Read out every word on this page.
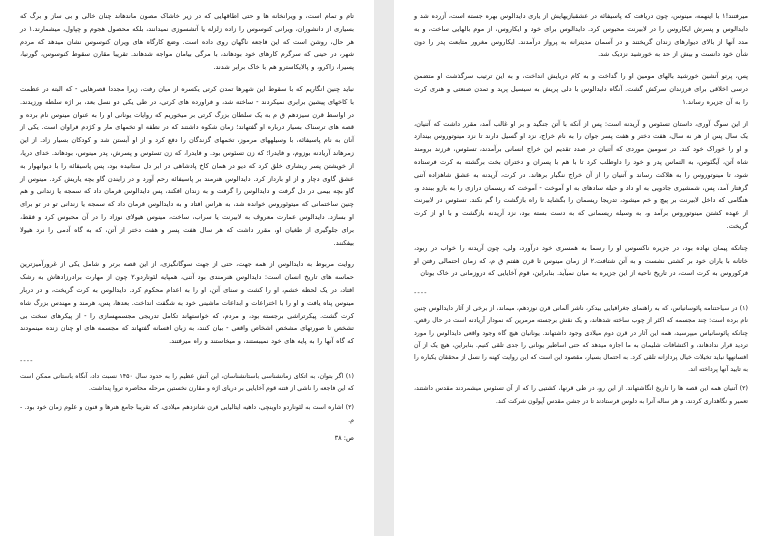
تام و تمام است، و ویرانخانه ها و حتی اطاقهایی که در زیر خاشاک مصون ماندهاند چنان خالی و بی ساز و برگ که بسیاری از دانشوران، ویرانی کنوسوس را زاده زلزله یا آتشسوزی نمیدانند، بلکه محصول هجوم و چپاول، میشمارند.۱ در هر حال، روشن است که این فاجعه ناگهان روی داده است. وضع کارگاه های ویران کنوسوس نشان میدهد که مردم شهر، در حینی که سرگرم کارهای خود بودهاند، با مرگی بیامان مواجه شدهاند. تقریبا مقارن سقوط کنوسوس، گورنیا، پسیرا، زاکرو، و پالایکاسترو هم با خاک برابر شدند.

نباید چنین انگاریم که با سقوط این شهرها تمدن کرتی یکسره از میان رفت، زیرا مجددا قصرهایی - که البته در عظمت با کاخهای پیشین برابری نمیکردند - ساخته شد، و فراورده های کرتی، در طی یکی دو نسل بعد، بر اژه سلطه ورزیدند. در اواسط قرن سیزدهم ق م به یک سلطان بزرگ کرتی بر میخوریم که روایات یونانی او را به عنوان مینوس نام برده و قصه های ترسناک بسیار درباره او گفتهاند؛ زمان شکوه داشتند که در نطفه او تخمهای مار و کژدم فراوان است. یکی از آنان به نام پاسیفائه، با وسیلههای مرموز، تخمهای گزندگان را دفع کرد و از او آبستن شد و کودکان بسیار زاد. از این زمرهاند آریادنه بوزوم، و فایدرا؛ که زن تسئوس بود. و فایدرا، که زن تسئوس و پسرش، پدر مینوس، بودهاند. خدای دریا، از خویشتن پسر ریشاری خلق کرد که دیو در همان کاخ پادشاهی در ابر دل ستانیده بود، پس پاسیفائه را با دیوانهوار به عشق گاوی دچار و از او بارداز کرد. دایدالوس هنرمند بر پاسیفائه رحم آورد و در زایندن گاو بچه یاریش کرد. مینوس از گاو بچه بیمی در دل گرفت و دایدالوس را گرفت و به زندان افکند، پس دایدالوس فرمان داد که سمجه یا زندانی و هم چنین ساختمانی که میتوئوروس خوانده شد، به هراس افتاد و به دایدالوس فرمان داد که سمجه یا زندانی تو در تو برای او بسازد. دایدالوس عمارت معروف به لابیرنت یا سراب، ساخت، مینوس هیولای نوزاد را در آن محبوس کرد و فقط، برای جلوگیری از طغیان او، مقرر داشت که هر سال هفت پسر و هفت دختر از آتن، که به گاه آدمی را نرد هیولا بیفکنند.

روایت مربوط به دایدالوس از همه جهت، حتی از جهت سوگانگیزی، از این قصه برتر و شامل یکی از غرورآمیزترین حماسه های تاریخ انسان است: دایدالوس هنرمندی بود آتنی، همپایه لئوناردو.۲ چون از مهارت برادرزادهاش به رشک افتاد، در یک لحظه خشم، او را کشت و سنای آتن، او را به اعدام محکوم کرد. دایدالوس به کرت گریخت، و در دربار مینوس پناه یافت و او را با اختراعات و ابداعات ماشینی خود به شگفت انداخت. بعدها، پس، هرمند و مهندس بزرگ شاه کرت گشت. پیکرتراشی برجسته بود، و مردم، که خواستهاند تکامل تدریجی مجسمهسازی را - از پیکرهای سخت بی تشخص تا صورتهای مشخص اشخاص واقعی - بیان کنند، به زبان افسانه گفتهاند که مجسمه های او چنان زنده مینمودند که گاه آنها را به پایه های خود نمیبستند، و میخاستند و راه میرفتند.

----

(۱) اگر بتوان، به اتکای زمانشناسی باستانشناسان، این آتش عظیم را به حدود سال ۱۴۵۰ نسبت داد، آنگاه باستانی ممکن است که این فاجعه را ناشی از فتنه قوم آخایایی بر دریای اژه و مقارن نخستین مرحله محاصره تروا پنداشت.

(۲) اشاره است به لئوناردو داوینچی، داهیه ایتالیایی قرن شانزدهم میلادی، که تقریبا جامع هنرها و فنون و علوم زمان خود بود. - م.

ص: ۳۸

میرفتند!۱ با اینهمه، مینوس، چون دریافت که پاسیفائه در عشقبازیهایش از یاری دایدالوس بهره جسته است، آزرده شد و دایدالوس و پسرش ایکاروس را در لابیرنت محبوس کرد. دایدالوس برای خود و ایکاروس، از موم بالهایی ساخت، و به مدد آنها از بالای دیوارهای زندان گریختند و در آسمان مدیترانه به پرواز درآمدند. ایکاروس مغرور متابعت پدر را دون شأن خود دانست و بیش از حد به خورشید نزدیک شد.

پس، پرتو آتشین خورشید بالهای مومین او را گداخت و به کام دریایش انداخت، و به این ترتیب سرگذشت او متضمن درسی اخلاقی برای فرزندان سرکش گشت. آنگاه دایدالوس با دلی پریش به سیسیل پرید و تمدن صنعتی و هنری کرت را به آن جزیره رساند.۱

از این سوگ آوری، داستان تسئوس و آریدنه است: پس از آنکه با آتن جنگید و بر او غالب آمد، مقرر داشت که آتنیان، یک سال پس از هر نه سال، هفت دختر و هفت پسر جوان را به نام خراج، نزد او گسیل دارند تا نزد مینوتوروس بیندازد و او را خوراک خود کند. در سومین موردی که آتنیان در صدد تقدیم این خراج انسانی برآمدند، تسئوس، فرزند برومند شاه آتن، آیگئوس، به التماس پدر و خود را داوطلب کرد تا با هم با پسران و دختران بخت برگشته به کرت فرستاده شود، تا مینوتوروس را به هلاکت رساند و آتنیان را از آن خراج ننگبار برهاند. در کرت، آریدنه به عشق شاهزاده آتنی گرفتار آمد، پس، شمشیری جادویی به او داد و حیله سادهای به او آموخت - آموخت که ریسمان درازی را به بازو ببندد و، هنگامی که داخل لابیرنت بر پیچ و خم میشود، تدریجا ریسمان را بگشاید تا راه بازگشت را گم نکند. تسئوس در لابیرنت از عهده کشتن مینوتوروس برآمد و، به وسیله ریسمانی که به دست بسته بود، نزد آریدنه بازگشت و با او از کرت گریخت.

چنانکه پیمان نهاده بود، در جزیره ناکسوس او را رسما به همسری خود درآورد، ولی، چون آریدنه را خواب در ربود، خاتانه با یاران خود بر کشتی نشست و به آتن شتافت.۲ از زمان مینوس تا قرن هفتم ق م، که زمان احتمالی رفتن او فرکوروس به کرت است، در تاریخ ناحیه از این جزیره به میان نمیآید. بنابراین، قوم آخایایی که دروزمانی در خاک یونان

----

(۱) در سیاحتنامه پائوسانیاس، که به راهنمای جغرافیایی بیدکر، ناشر آلمانی قرن نوزدهم، میماند، از برخی از آثار دایدالوس چنین نام برده است: چند مجسمه که اکثر از چوب ساخته شدهاند، و یک نقش برجسته مرمرین که نمودار آریادنه است در حال رقص. چنانکه پائوسانیاس میپرسید، همه این آثار در قرن دوم میلادی وجود داشتهاند. یونانیان هیچ گاه وجود واقعی دایدالوس را مورد تردید قرار ندادهاند، و اکتشافات شلیمان به ما اجازه میدهد که حتی اساطیر یونانی را جدی تلقی کنیم. بنابراین، هیچ یک از آن افسانهها نباید تخیلات خیال پردازانه تلقی کرد. به احتمال بسیار، مقصود این است که این روایت کهنه را نسل از محققان یکباره را به تایید آنها پرداخته اند.

(۲) آتنیان همه این قصه ها را تاریخ انگاشتهاند. از این رو، در طی قرنها، کشتیی را که از آن تسئوس میشمردند مقدس داشتند، تعمیر و نگاهداری کردند، و هر ساله آنرا به دلوس فرستادند تا در جشن مقدس آپولون شرکت کند.
